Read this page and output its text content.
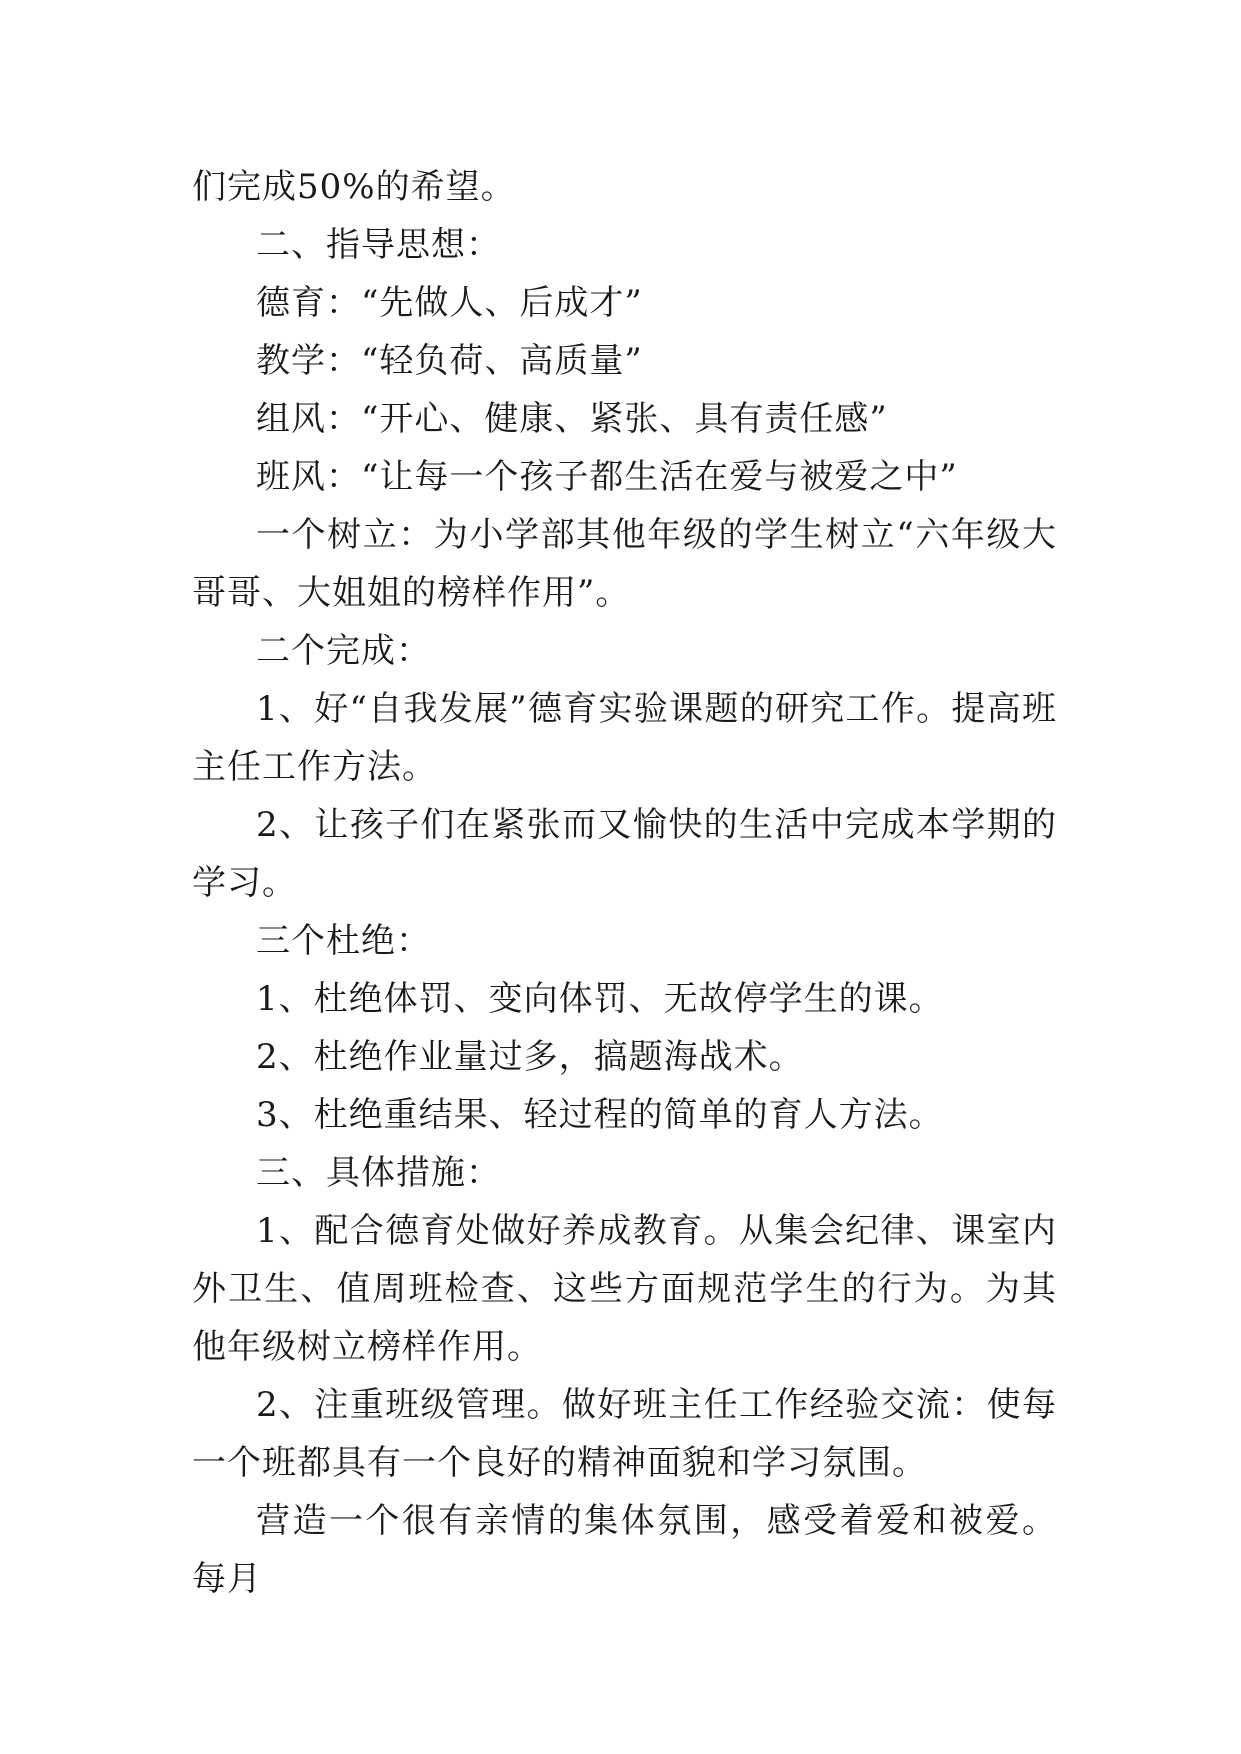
们完成50%的希望。

二、指导思想：

德育：“先做人、后成才”

教学：“轻负荷、高质量”

组风：“开心、健康、紧张、具有责任感”

班风：“让每一个孩子都生活在爱与被爱之中”

一个树立：为小学部其他年级的学生树立“六年级大哥哥、大姐姐的榜样作用”。

二个完成：

1、好“自我发展”德育实验课题的研究工作。提高班主任工作方法。

2、让孩子们在紧张而又愉快的生活中完成本学期的学习。

三个杜绝：

1、杜绝体罚、变向体罚、无故停学生的课。

2、杜绝作业量过多，搞题海战术。

3、杜绝重结果、轻过程的简单的育人方法。

三、具体措施：

1、配合德育处做好养成教育。从集会纪律、课室内外卫生、值周班检查、这些方面规范学生的行为。为其他年级树立榜样作用。

2、注重班级管理。做好班主任工作经验交流：使每一个班都具有一个良好的精神面貌和学习氛围。

营造一个很有亲情的集体氛围，感受着爱和被爱。每月
